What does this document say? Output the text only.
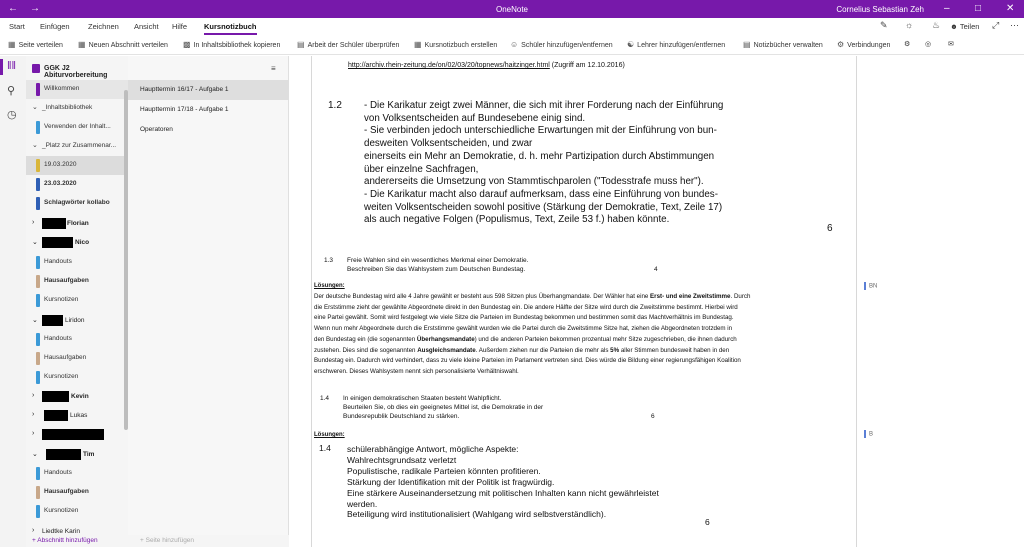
← →	OneNote	Cornelius Sebastian Zeh –	□ ✕
Start Einfügen Zeichnen Ansicht Hilfe Kursnotizbuch	✎ ☼ ♨ ☻ Teilen ⤢ ⋯
▦ Seite verteilen ▦ Neuen Abschnitt verteilen ▩ In Inhaltsbibliothek kopieren ▤ Arbeit der Schüler überprüfen ▦ Kursnotizbuch erstellen ☺ Schüler hinzufügen/entfernen ☯ Lehrer hinzufügen/entfernen ▤ Notizbücher verwalten ⚙ Verbindungen ⚙ ◎ ✉
‖‖
⚲
◷
GGK J2 Abiturvorbereitung
Willkommen
⌄ _Inhaltsbibliothek
Verwenden der Inhalt...
⌄ _Platz zur Zusammenar...
19.03.2020
23.03.2020
Schlagwörter kollabo
›	Florian
⌄	Nico
Handouts
Hausaufgaben
Kursnotizen
⌄	Liridon
Handouts
Hausaufgaben
Kursnotizen
›	Kevin
›	Lukas
›
⌄	Tim
Handouts
Hausaufgaben
Kursnotizen
› Liedtke Karin
≡
Haupttermin 16/17 - Aufgabe 1
Haupttermin 17/18 - Aufgabe 1
Operatoren
+ Abschnitt hinzufügen	+ Seite hinzufügen
http://archiv.rhein-zeitung.de/on/02/03/20/topnews/haitzinger.html (Zugriff am 12.10.2016)
1.2 - Die Karikatur zeigt zwei Männer, die sich mit ihrer Forderung nach der Einführung
von Volksentscheiden auf Bundesebene einig sind.
- Sie verbinden jedoch unterschiedliche Erwartungen mit der Einführung von bun-
desweiten Volksentscheiden, und zwar
einerseits ein Mehr an Demokratie, d. h. mehr Partizipation durch Abstimmungen
über einzelne Sachfragen,
andererseits die Umsetzung von Stammtischparolen ("Todesstrafe muss her").
- Die Karikatur macht also darauf aufmerksam, dass eine Einführung von bundes-
weiten Volksentscheiden sowohl positive (Stärkung der Demokratie, Text, Zeile 17)
als auch negative Folgen (Populismus, Text, Zeile 53 f.) haben könnte.
6
1.3 Freie Wahlen sind ein wesentliches Merkmal einer Demokratie.
Beschreiben Sie das Wahlsystem zum Deutschen Bundestag.	4
Lösungen:
Der deutsche Bundestag wird alle 4 Jahre gewählt er besteht aus 598 Sitzen plus Überhangmandate. Der Wähler hat eine Erst- und eine Zweitstimme. Durch
die Erststimme zieht der gewählte Abgeordnete direkt in den Bundestag ein. Die andere Hälfte der Sitze wird durch die Zweitstimme bestimmt. Hierbei wird
eine Partei gewählt. Somit wird festgelegt wie viele Sitze die Parteien im Bundestag bekommen und bestimmen somit das Machtverhältnis im Bundestag.
Wenn nun mehr Abgeordnete durch die Erststimme gewählt wurden wie die Partei durch die Zweitstimme Sitze hat, ziehen die Abgeordneten trotzdem in
den Bundestag ein (die sogenannten Überhangsmandate) und die anderen Parteien bekommen prozentual mehr Sitze zugeschrieben, die ihnen dadurch
zustehen. Dies sind die sogenannten Ausgleichsmandate. Außerdem ziehen nur die Parteien die mehr als 5% aller Stimmen bundesweit haben in den
Bundestag ein. Dadurch wird verhindert, dass zu viele kleine Parteien im Parlament vertreten sind. Dies würde die Bildung einer regierungsfähigen Koalition
erschweren. Dieses Wahlsystem nennt sich personalisierte Verhältniswahl.
BN
1.4 In einigen demokratischen Staaten besteht Wahlpflicht.
Beurteilen Sie, ob dies ein geeignetes Mittel ist, die Demokratie in der
Bundesrepublik Deutschland zu stärken.	6
Lösungen:	B
1.4 schülerabhängige Antwort, mögliche Aspekte:
Wahlrechtsgrundsatz verletzt
Populistische, radikale Parteien könnten profitieren.
Stärkung der Identifikation mit der Politik ist fragwürdig.
Eine stärkere Auseinandersetzung mit politischen Inhalten kann nicht gewährleistet
werden.
Beteiligung wird institutionalisiert (Wahlgang wird selbstverständlich).
6
